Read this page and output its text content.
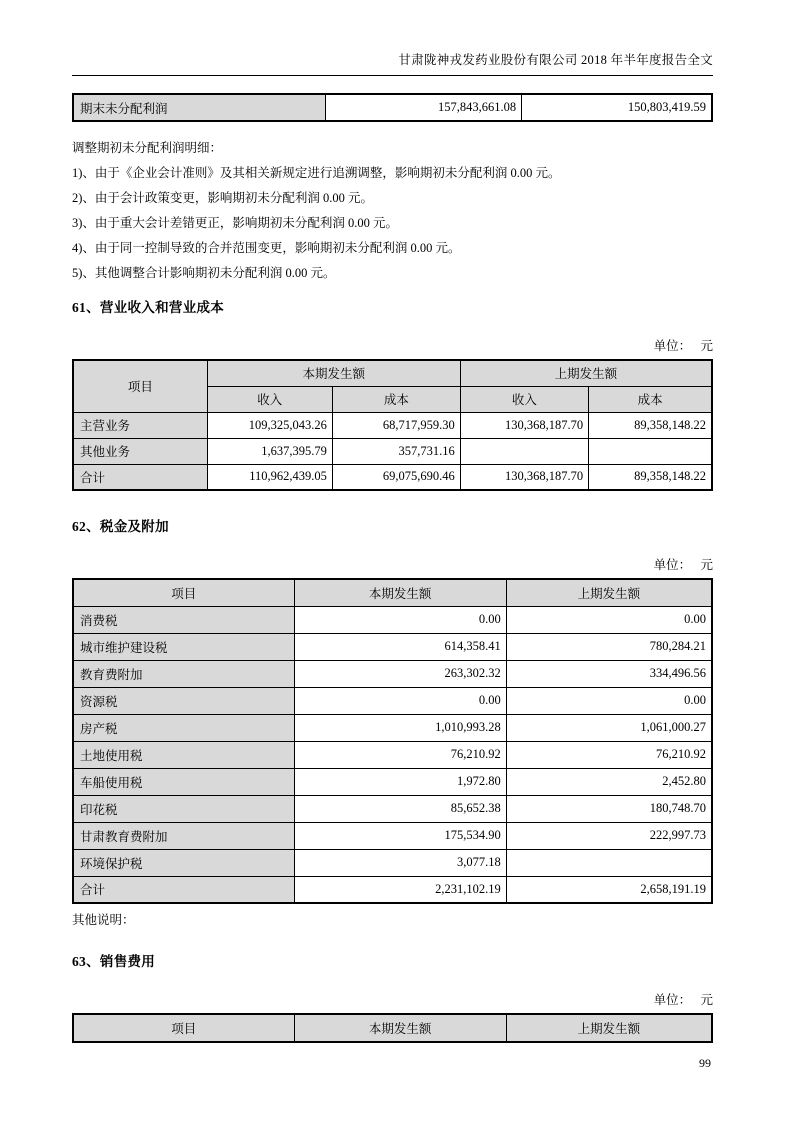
甘肃陇神戎发药业股份有限公司 2018 年半年度报告全文
期末未分配利润	157,843,661.08	150,803,419.59

调整期初未分配利润明细：

1)、由于《企业会计准则》及其相关新规定进行追溯调整，影响期初未分配利润 0.00 元。

2)、由于会计政策变更，影响期初未分配利润 0.00 元。

3)、由于重大会计差错更正，影响期初未分配利润 0.00 元。

4)、由于同一控制导致的合并范围变更，影响期初未分配利润 0.00 元。

5)、其他调整合计影响期初未分配利润 0.00 元。

61、营业收入和营业成本
单位：   元
项目	本期发生额		上期发生额	
	收入	成本	收入	成本
主营业务	109,325,043.26	68,717,959.30	130,368,187.70	89,358,148.22
其他业务	1,637,395.79	357,731.16		
合计	110,962,439.05	69,075,690.46	130,368,187.70	89,358,148.22
62、税金及附加
单位：   元
项目	本期发生额	上期发生额
消费税	0.00	0.00
城市维护建设税	614,358.41	780,284.21
教育费附加	263,302.32	334,496.56
资源税	0.00	0.00
房产税	1,010,993.28	1,061,000.27
土地使用税	76,210.92	76,210.92
车船使用税	1,972.80	2,452.80
印花税	85,652.38	180,748.70
甘肃教育费附加	175,534.90	222,997.73
环境保护税	3,077.18	
合计	2,231,102.19	2,658,191.19
其他说明：
63、销售费用
单位：   元
项目	本期发生额	上期发生额
99
